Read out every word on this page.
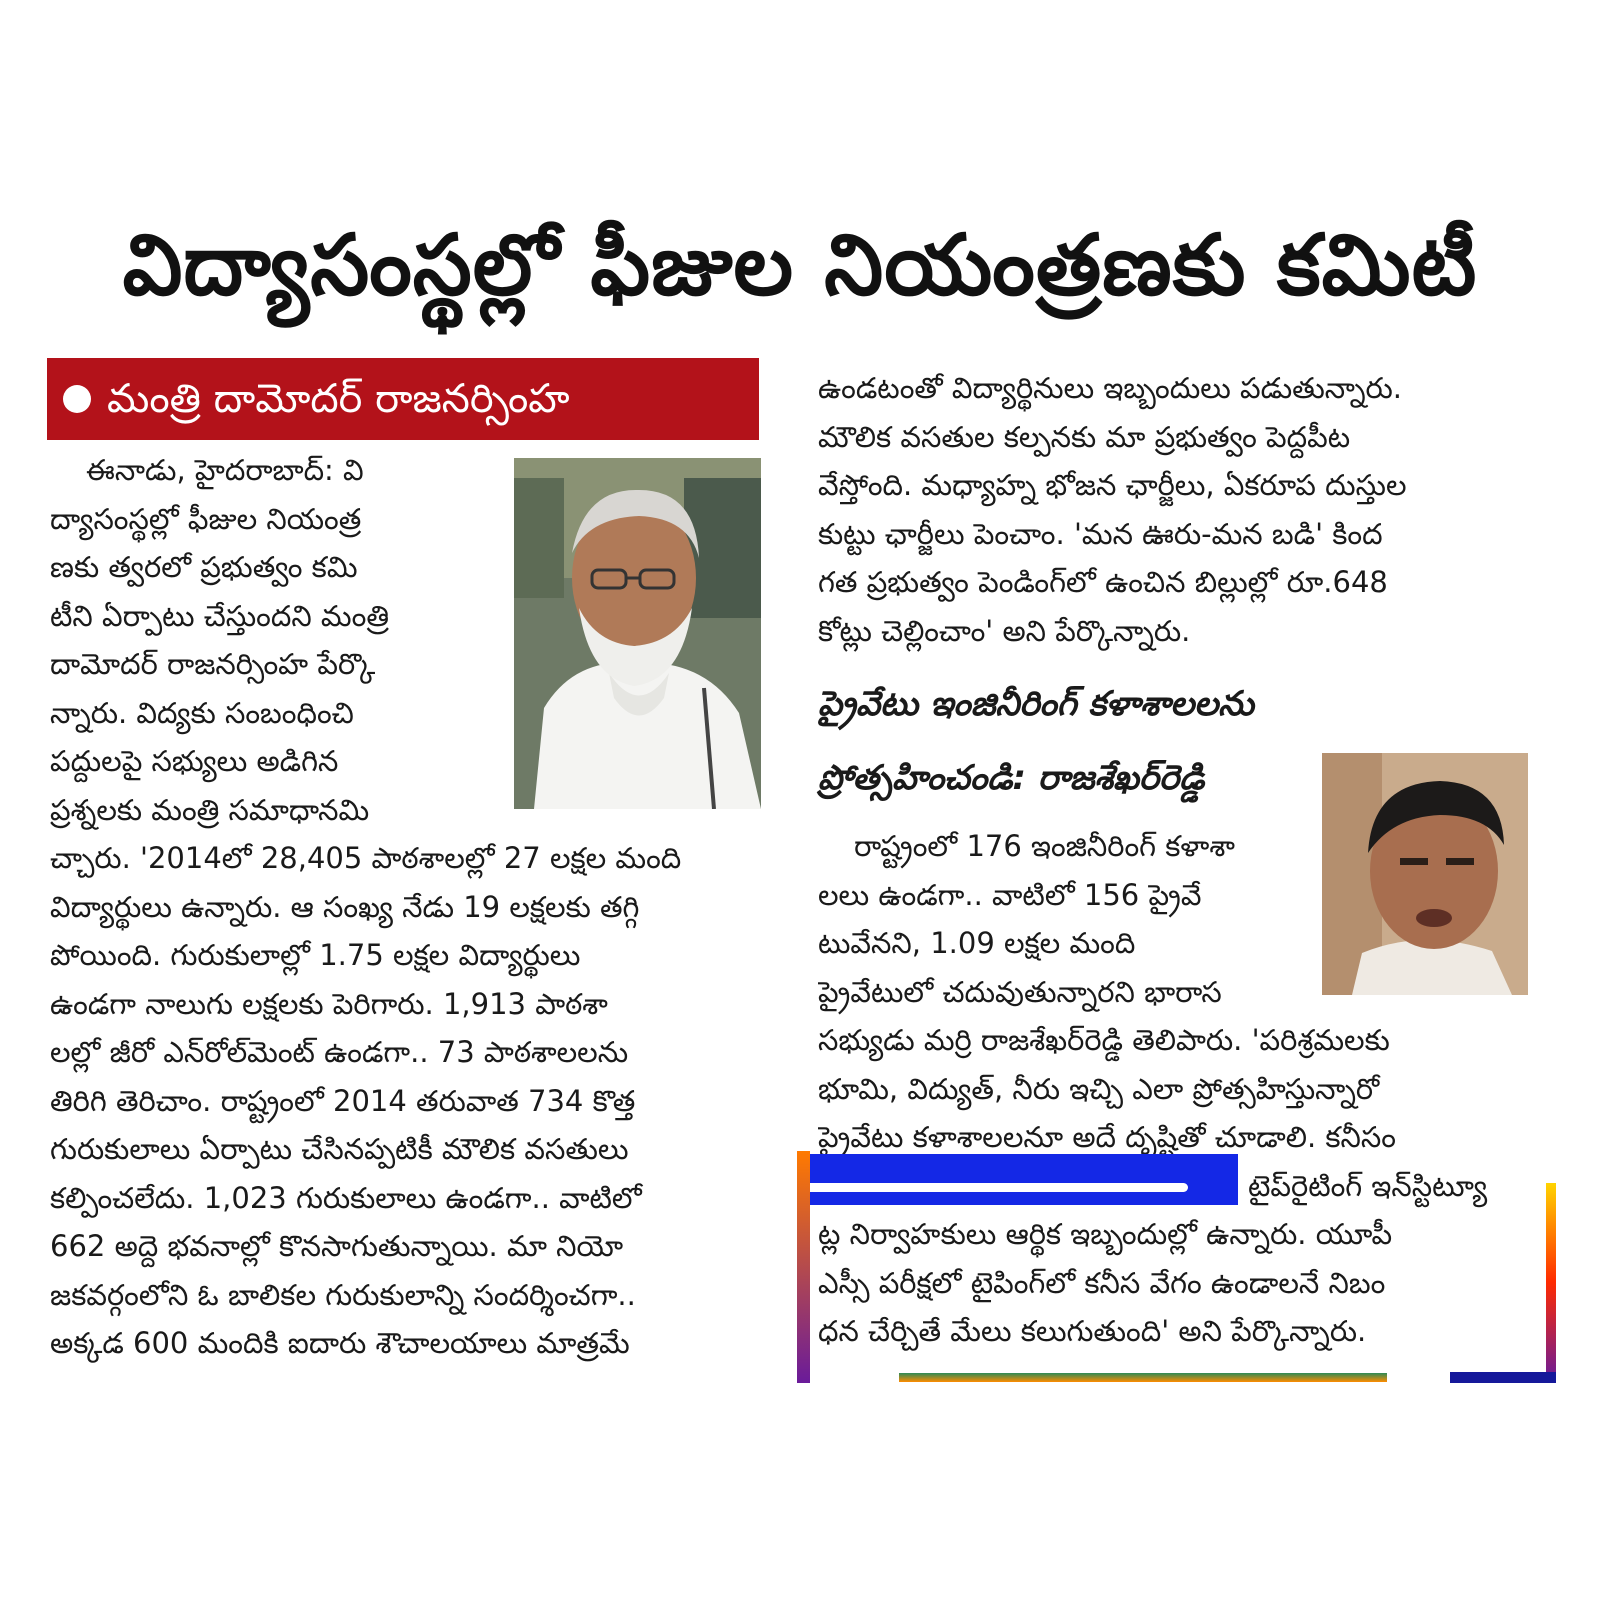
విద్యాసంస్థల్లో ఫీజుల నియంత్రణకు కమిటీ
మంత్రి దామోదర్ రాజనర్సింహ
ఈనాడు, హైదరాబాద్: వి
ద్యాసంస్థల్లో ఫీజుల నియంత్ర
ణకు త్వరలో ప్రభుత్వం కమి
టీని ఏర్పాటు చేస్తుందని మంత్రి
దామోదర్ రాజనర్సింహ పేర్కొ
న్నారు. విద్యకు సంబంధించి
పద్దులపై సభ్యులు అడిగిన
ప్రశ్నలకు మంత్రి సమాధానమి
చ్చారు. '2014లో 28,405 పాఠశాలల్లో 27 లక్షల మంది
విద్యార్థులు ఉన్నారు. ఆ సంఖ్య నేడు 19 లక్షలకు తగ్గి
పోయింది. గురుకులాల్లో 1.75 లక్షల విద్యార్థులు
ఉండగా నాలుగు లక్షలకు పెరిగారు. 1,913 పాఠశా
లల్లో జీరో ఎన్‌రోల్‌మెంట్ ఉండగా.. 73 పాఠశాలలను
తిరిగి తెరిచాం. రాష్ట్రంలో 2014 తరువాత 734 కొత్త
గురుకులాలు ఏర్పాటు చేసినప్పటికీ మౌలిక వసతులు
కల్పించలేదు. 1,023 గురుకులాలు ఉండగా.. వాటిలో
662 అద్దె భవనాల్లో కొనసాగుతున్నాయి. మా నియో
జకవర్గంలోని ఓ బాలికల గురుకులాన్ని సందర్శించగా..
అక్కడ 600 మందికి ఐదారు శౌచాలయాలు మాత్రమే
ఉండటంతో విద్యార్థినులు ఇబ్బందులు పడుతున్నారు.
మౌలిక వసతుల కల్పనకు మా ప్రభుత్వం పెద్దపీట
వేస్తోంది. మధ్యాహ్న భోజన ఛార్జీలు, ఏకరూప దుస్తుల
కుట్టు ఛార్జీలు పెంచాం. 'మన ఊరు-మన బడి' కింద
గత ప్రభుత్వం పెండింగ్‌లో ఉంచిన బిల్లుల్లో రూ.648
కోట్లు చెల్లించాం' అని పేర్కొన్నారు.
ప్రైవేటు ఇంజినీరింగ్ కళాశాలలను
ప్రోత్సహించండి: రాజశేఖర్‌రెడ్డి
రాష్ట్రంలో 176 ఇంజినీరింగ్ కళాశా
లలు ఉండగా.. వాటిలో 156 ప్రైవే
టువేనని, 1.09 లక్షల మంది
ప్రైవేటులో చదువుతున్నారని భారాస
సభ్యుడు మర్రి రాజశేఖర్‌రెడ్డి తెలిపారు. 'పరిశ్రమలకు
భూమి, విద్యుత్, నీరు ఇచ్చి ఎలా ప్రోత్సహిస్తున్నారో
ప్రైవేటు కళాశాలలనూ అదే దృష్టితో చూడాలి. కనీసం
టైప్‌రైటింగ్ ఇన్‌స్టిట్యూ
ట్ల నిర్వాహకులు ఆర్థిక ఇబ్బందుల్లో ఉన్నారు. యూపీ
ఎస్సీ పరీక్షలో టైపింగ్‌లో కనీస వేగం ఉండాలనే నిబం
ధన చేర్చితే మేలు కలుగుతుంది' అని పేర్కొన్నారు.
